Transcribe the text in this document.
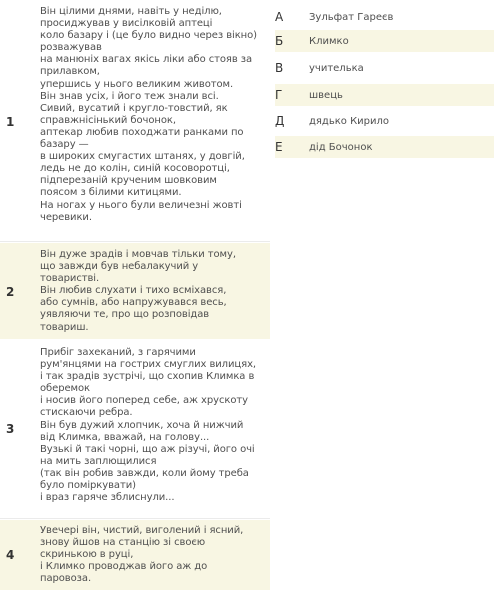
1
Він цілими днями, навіть у неділю,
просиджував у висілковій аптеці
коло базару і (це було видно через вікно)
розважував
на манюніх вагах якісь ліки або стояв за
прилавком,
упершись у нього великим животом.
Він знав усіх, і його теж знали всі.
Сивий, вусатий і кругло-товстий, як
справжнісінький бочонок,
аптекар любив походжати ранками по
базару —
в широких смугастих штанях, у довгій,
ледь не до колін, синій косоворотці,
підперезаній крученим шовковим
поясом з білими китицями.
На ногах у нього були величезні жовті
черевики.
2
Він дуже зрадів і мовчав тільки тому,
що завжди був небалакучий у
товаристві.
Він любив слухати і тихо всміхався,
або сумнів, або напружувався весь,
уявляючи те, про що розповідав
товариш.
3
Прибіг захеканий, з гарячими
рум'янцями на гострих смуглих вилицях,
і так зрадів зустрічі, що схопив Климка в
оберемок
і носив його поперед себе, аж хрускоту
стискаючи ребра.
Він був дужий хлопчик, хоча й нижчий
від Климка, вважай, на голову...
Вузькі й такі чорні, що аж різучі, його очі
на мить заплющилися
(так він робив завжди, коли йому треба
було поміркувати)
і враз гаряче зблиснули...
4
Увечері він, чистий, виголений і ясний,
знову йшов на станцію зі своєю
скринькою в руці,
і Климко проводжав його аж до
паровоза.
А	Зульфат Гареєв
Б	Климко
В	учителька
Г	швець
Д дядько Кирило
Е	дід Бочонок
